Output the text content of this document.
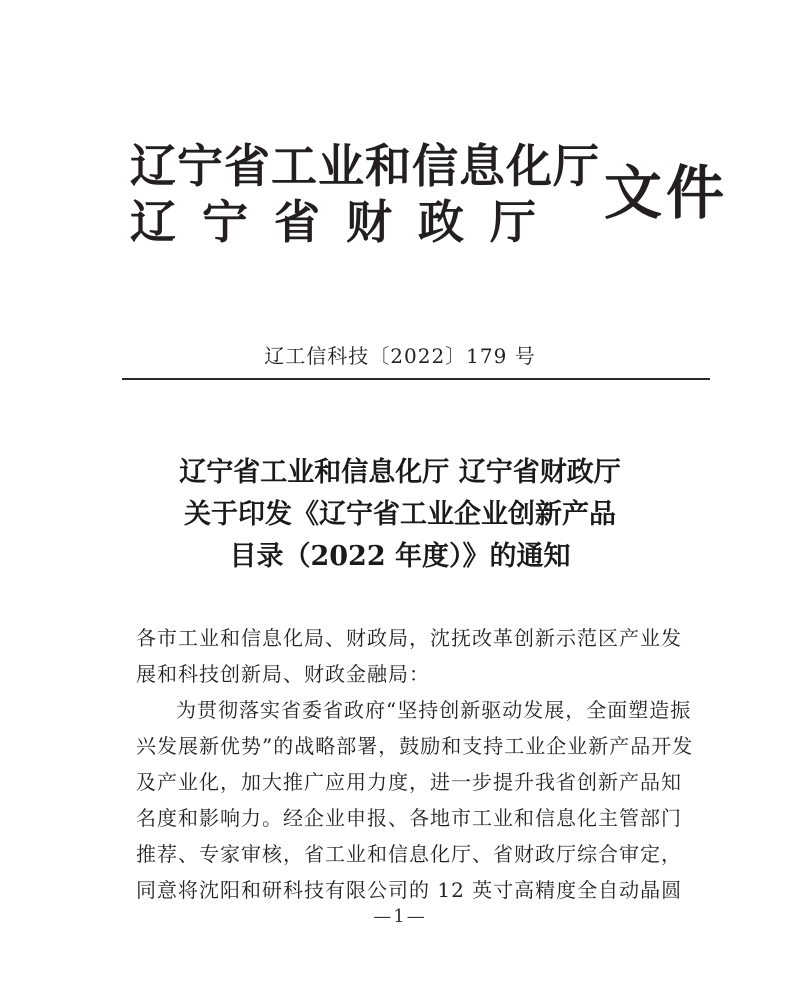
辽宁省工业和信息化厅
辽宁省财政厅 文件
辽工信科技〔2022〕179 号
辽宁省工业和信息化厅 辽宁省财政厅
关于印发《辽宁省工业企业创新产品
目录（2022 年度）》的通知

各市工业和信息化局、财政局，沈抚改革创新示范区产业发展和科技创新局、财政金融局：

为贯彻落实省委省政府“坚持创新驱动发展，全面塑造振兴发展新优势”的战略部署，鼓励和支持工业企业新产品开发及产业化，加大推广应用力度，进一步提升我省创新产品知名度和影响力。经企业申报、各地市工业和信息化主管部门推荐、专家审核，省工业和信息化厅、省财政厅综合审定，同意将沈阳和研科技有限公司的 12 英寸高精度全自动晶圆

—1—
